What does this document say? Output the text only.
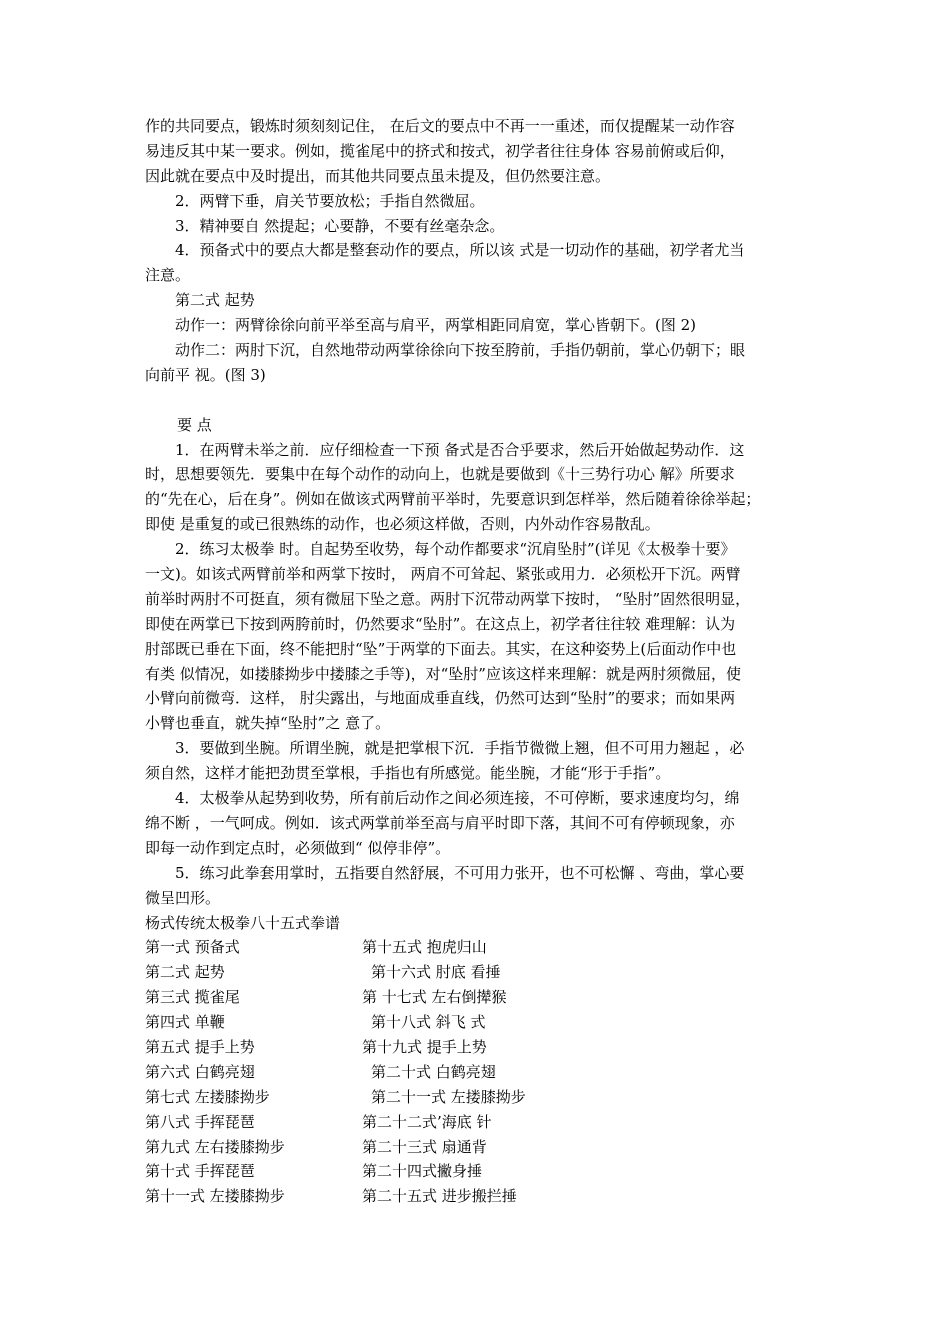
作的共同要点，锻炼时须刻刻记住， 在后文的要点中不再一一重述，而仅提醒某一动作容
易违反其中某一要求。例如，揽雀尾中的挤式和按式，初学者往往身体 容易前俯或后仰，
因此就在要点中及时提出，而其他共同要点虽未提及，但仍然要注意。
2．两臂下垂，肩关节要放松；手指自然微屈。
3．精神要自 然提起；心要静，不要有丝毫杂念。
4．预备式中的要点大都是整套动作的要点，所以该 式是一切动作的基础，初学者尤当
注意。
第二式 起势
动作一：两臂徐徐向前平举至高与肩平，两掌相距同肩宽，掌心皆朝下。(图 2)
动作二：两肘下沉，自然地带动两掌徐徐向下按至胯前，手指仍朝前，掌心仍朝下；眼
向前平 视。(图 3)
要 点
1．在两臂未举之前．应仔细检查一下预 备式是否合乎要求，然后开始做起势动作．这
时，思想要领先．要集中在每个动作的动向上，也就是要做到《十三势行功心 解》所要求
的“先在心，后在身”。例如在做该式两臂前平举时，先要意识到怎样举，然后随着徐徐举起；
即使 是重复的或已很熟练的动作，也必须这样做，否则，内外动作容易散乱。
2．练习太极拳 时。自起势至收势，每个动作都要求“沉肩坠肘”(详见《太极拳十要》
一文)。如该式两臂前举和两掌下按时， 两肩不可耸起、紧张或用力．必须松开下沉。两臂
前举时两肘不可挺直，须有微屈下坠之意。两肘下沉带动两掌下按时， “坠肘”固然很明显，
即使在两掌已下按到两胯前时，仍然要求“坠肘”。在这点上，初学者往往较 难理解：认为
肘部既已垂在下面，终不能把肘“坠”于两掌的下面去。其实，在这种姿势上(后面动作中也
有类 似情况，如搂膝拗步中搂膝之手等)，对“坠肘”应该这样来理解：就是两肘须微屈，使
小臂向前微弯．这样， 肘尖露出，与地面成垂直线，仍然可达到“坠肘”的要求；而如果两
小臂也垂直，就失掉“坠肘”之 意了。
3．要做到坐腕。所谓坐腕，就是把掌根下沉．手指节微微上翘，但不可用力翘起 ，必
须自然，这样才能把劲贯至掌根，手指也有所感觉。能坐腕，才能“形于手指”。
4．太极拳从起势到收势，所有前后动作之间必须连接，不可停断，要求速度均匀，绵
绵不断 ，一气呵成。例如．该式两掌前举至高与肩平时即下落，其间不可有停顿现象，亦
即每一动作到定点时，必须做到“ 似停非停”。
5．练习此拳套用掌时，五指要自然舒展，不可用力张开，也不可松懈 、弯曲，掌心要
微呈凹形。
杨式传统太极拳八十五式拳谱
第一式 预备式	第十五式 抱虎归山
第二式 起势	第十六式 肘底 看捶
第三式 揽雀尾	第 十七式 左右倒撵猴
第四式 单鞭	第十八式 斜飞 式
第五式 提手上势	第十九式 提手上势
第六式 白鹤亮翅	第二十式 白鹤亮翅
第七式 左搂膝拗步	第二十一式 左搂膝拗步
第八式 手挥琵琶	第二十二式’海底 针
第九式 左右搂膝拗步	第二十三式 扇通背
第十式 手挥琵琶	第二十四式撇身捶
第十一式 左搂膝拗步	第二十五式 进步搬拦捶
